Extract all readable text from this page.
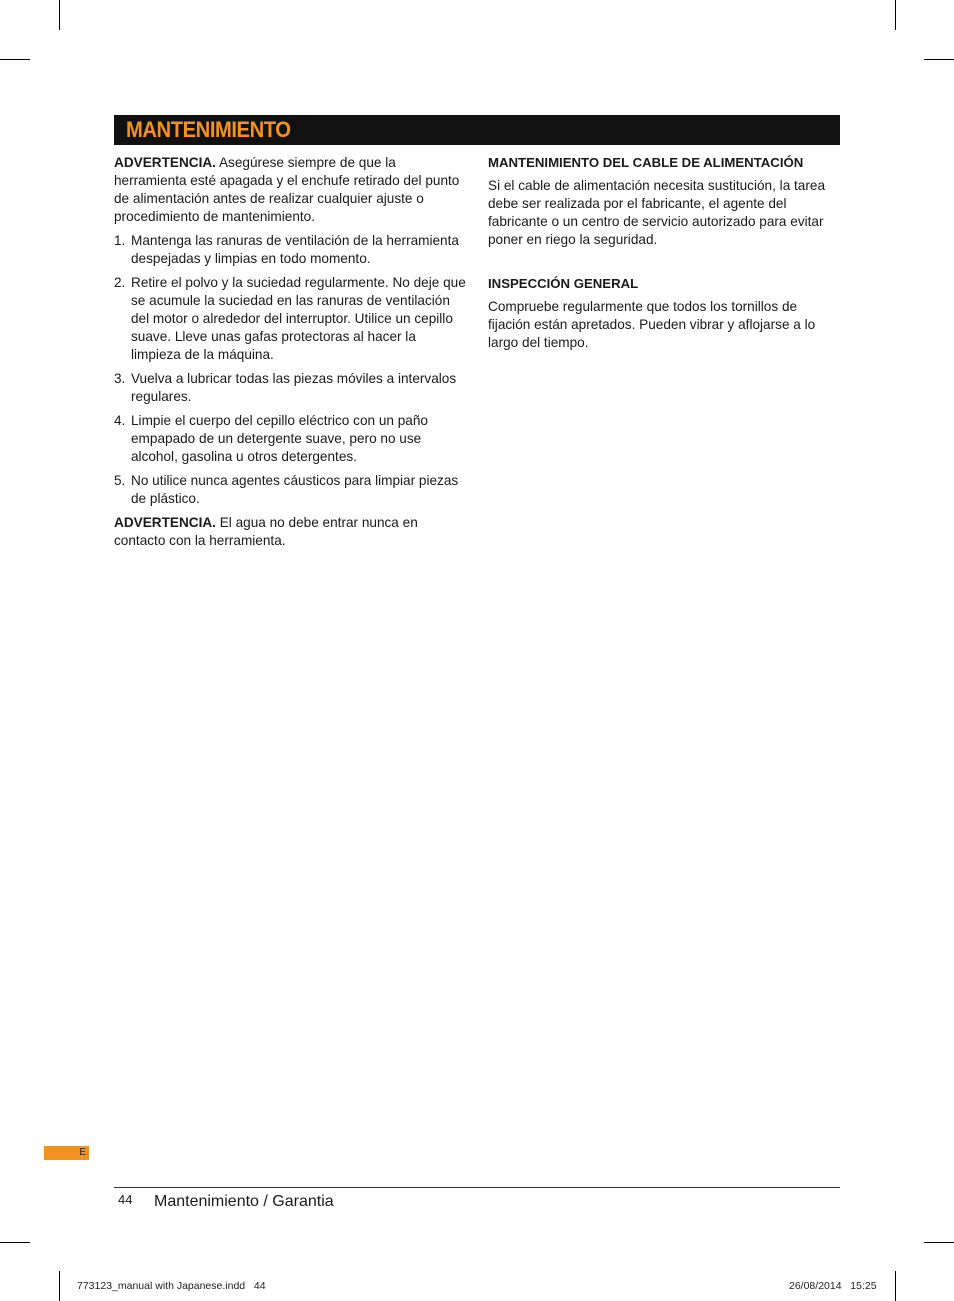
MANTENIMIENTO

ADVERTENCIA. Asegúrese siempre de que la herramienta esté apagada y el enchufe retirado del punto de alimentación antes de realizar cualquier ajuste o procedimiento de mantenimiento.

1. Mantenga las ranuras de ventilación de la herramienta despejadas y limpias en todo momento.
2. Retire el polvo y la suciedad regularmente. No deje que se acumule la suciedad en las ranuras de ventilación del motor o alrededor del interruptor. Utilice un cepillo suave. Lleve unas gafas protectoras al hacer la limpieza de la máquina.
3. Vuelva a lubricar todas las piezas móviles a intervalos regulares.
4. Limpie el cuerpo del cepillo eléctrico con un paño empapado de un detergente suave, pero no use alcohol, gasolina u otros detergentes.
5. No utilice nunca agentes cáusticos para limpiar piezas de plástico.

ADVERTENCIA. El agua no debe entrar nunca en contacto con la herramienta.

MANTENIMIENTO DEL CABLE DE ALIMENTACIÓN

Si el cable de alimentación necesita sustitución, la tarea debe ser realizada por el fabricante, el agente del fabricante o un centro de servicio autorizado para evitar poner en riego la seguridad.

INSPECCIÓN GENERAL

Compruebe regularmente que todos los tornillos de fijación están apretados. Pueden vibrar y aflojarse a lo largo del tiempo.

E
44 Mantenimiento / Garantia
773123_manual with Japanese.indd   44	26/08/2014   15:25
